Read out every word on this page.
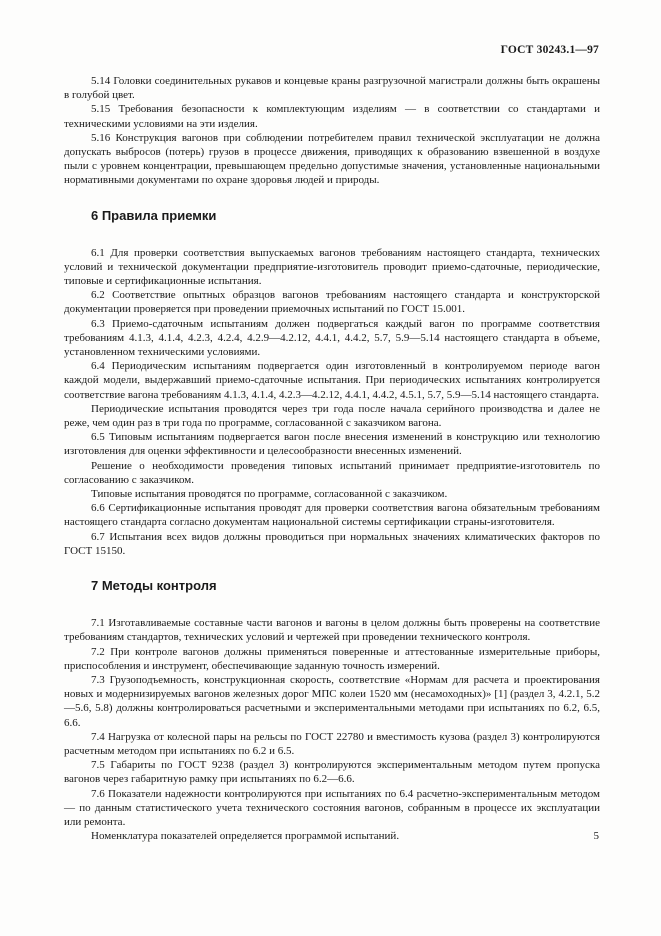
ГОСТ 30243.1—97

5.14 Головки соединительных рукавов и концевые краны разгрузочной магистрали должны быть окрашены в голубой цвет.

5.15 Требования безопасности к комплектующим изделиям — в соответствии со стандартами и техническими условиями на эти изделия.

5.16 Конструкция вагонов при соблюдении потребителем правил технической эксплуатации не должна допускать выбросов (потерь) грузов в процессе движения, приводящих к образованию взвешенной в воздухе пыли с уровнем концентрации, превышающем предельно допустимые значения, установленные национальными нормативными документами по охране здоровья людей и природы.

6 Правила приемки

6.1 Для проверки соответствия выпускаемых вагонов требованиям настоящего стандарта, технических условий и технической документации предприятие-изготовитель проводит приемо-сдаточные, периодические, типовые и сертификационные испытания.

6.2 Соответствие опытных образцов вагонов требованиям настоящего стандарта и конструкторской документации проверяется при проведении приемочных испытаний по ГОСТ 15.001.

6.3 Приемо-сдаточным испытаниям должен подвергаться каждый вагон по программе соответствия требованиям 4.1.3, 4.1.4, 4.2.3, 4.2.4, 4.2.9—4.2.12, 4.4.1, 4.4.2, 5.7, 5.9—5.14 настоящего стандарта в объеме, установленном техническими условиями.

6.4 Периодическим испытаниям подвергается один изготовленный в контролируемом периоде вагон каждой модели, выдержавший приемо-сдаточные испытания. При периодических испытаниях контролируется соответствие вагона требованиям 4.1.3, 4.1.4, 4.2.3—4.2.12, 4.4.1, 4.4.2, 4.5.1, 5.7, 5.9—5.14 настоящего стандарта.

Периодические испытания проводятся через три года после начала серийного производства и далее не реже, чем один раз в три года по программе, согласованной с заказчиком вагона.

6.5 Типовым испытаниям подвергается вагон после внесения изменений в конструкцию или технологию изготовления для оценки эффективности и целесообразности внесенных изменений.

Решение о необходимости проведения типовых испытаний принимает предприятие-изготовитель по согласованию с заказчиком.

Типовые испытания проводятся по программе, согласованной с заказчиком.

6.6 Сертификационные испытания проводят для проверки соответствия вагона обязательным требованиям настоящего стандарта согласно документам национальной системы сертификации страны-изготовителя.

6.7 Испытания всех видов должны проводиться при нормальных значениях климатических факторов по ГОСТ 15150.

7 Методы контроля

7.1 Изготавливаемые составные части вагонов и вагоны в целом должны быть проверены на соответствие требованиям стандартов, технических условий и чертежей при проведении технического контроля.

7.2 При контроле вагонов должны применяться поверенные и аттестованные измерительные приборы, приспособления и инструмент, обеспечивающие заданную точность измерений.

7.3 Грузоподъемность, конструкционная скорость, соответствие «Нормам для расчета и проектирования новых и модернизируемых вагонов железных дорог МПС колеи 1520 мм (несамоходных)» [1] (раздел 3, 4.2.1, 5.2—5.6, 5.8) должны контролироваться расчетными и экспериментальными методами при испытаниях по 6.2, 6.5, 6.6.

7.4 Нагрузка от колесной пары на рельсы по ГОСТ 22780 и вместимость кузова (раздел 3) контролируются расчетным методом при испытаниях по 6.2 и 6.5.

7.5 Габариты по ГОСТ 9238 (раздел 3) контролируются экспериментальным методом путем пропуска вагонов через габаритную рамку при испытаниях по 6.2—6.6.

7.6 Показатели надежности контролируются при испытаниях по 6.4 расчетно-экспериментальным методом — по данным статистического учета технического состояния вагонов, собранным в процессе их эксплуатации или ремонта.

Номенклатура показателей определяется программой испытаний.	5
